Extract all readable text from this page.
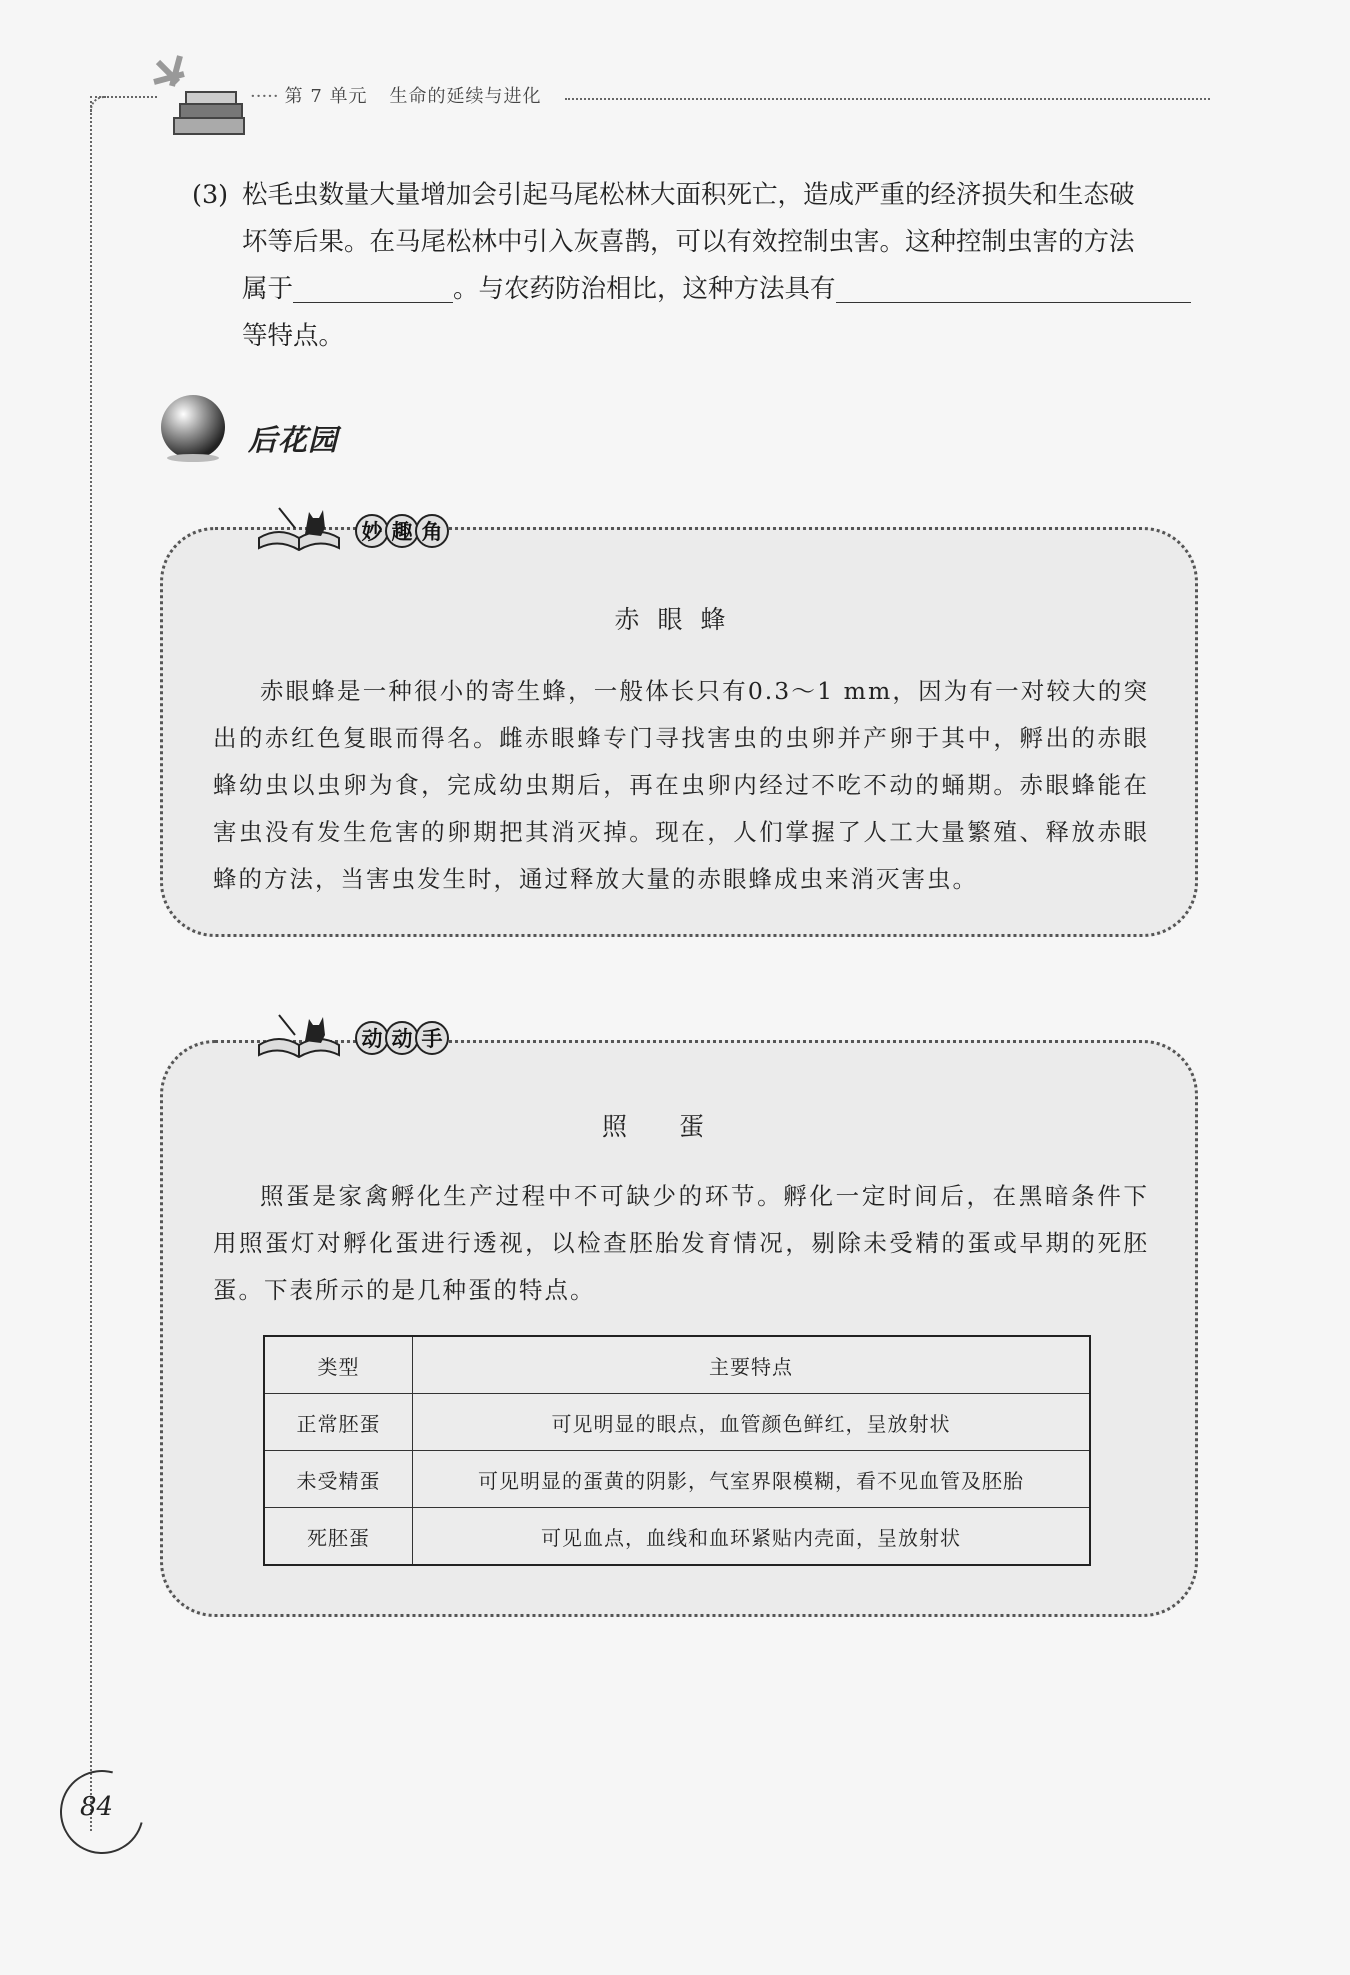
····· 第 7 单元 生命的延续与进化
(3) 松毛虫数量大量增加会引起马尾松林大面积死亡，造成严重的经济损失和生态破
坏等后果。在马尾松林中引入灰喜鹊，可以有效控制虫害。这种控制虫害的方法
属于	。与农药防治相比，这种方法具有
等特点。
后花园
赤眼蜂
赤眼蜂是一种很小的寄生蜂，一般体长只有0.3～1 mm，因为有一对较大的突出的赤红色复眼而得名。雌赤眼蜂专门寻找害虫的虫卵并产卵于其中，孵出的赤眼蜂幼虫以虫卵为食，完成幼虫期后，再在虫卵内经过不吃不动的蛹期。赤眼蜂能在害虫没有发生危害的卵期把其消灭掉。现在，人们掌握了人工大量繁殖、释放赤眼蜂的方法，当害虫发生时，通过释放大量的赤眼蜂成虫来消灭害虫。
妙 趣 角
照蛋
照蛋是家禽孵化生产过程中不可缺少的环节。孵化一定时间后，在黑暗条件下用照蛋灯对孵化蛋进行透视，以检查胚胎发育情况，剔除未受精的蛋或早期的死胚蛋。下表所示的是几种蛋的特点。
类型	主要特点
正常胚蛋	可见明显的眼点，血管颜色鲜红，呈放射状
未受精蛋	可见明显的蛋黄的阴影，气室界限模糊，看不见血管及胚胎
死胚蛋	可见血点，血线和血环紧贴内壳面，呈放射状
动 动 手
84
